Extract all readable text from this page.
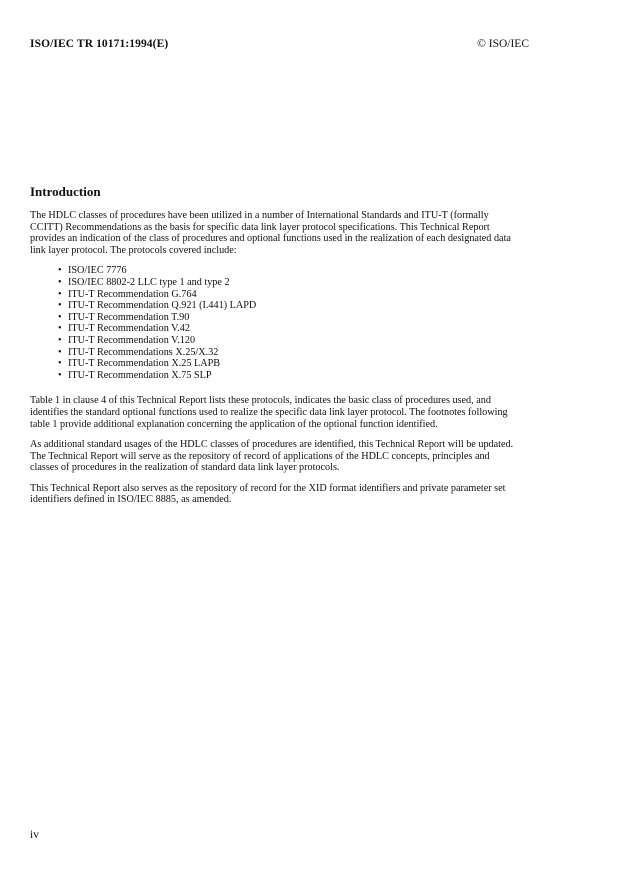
ISO/IEC TR 10171:1994(E)	© ISO/IEC
Introduction

The HDLC classes of procedures have been utilized in a number of International Standards and ITU-T (formally CCITT) Recommendations as the basis for specific data link layer protocol specifications. This Technical Report provides an indication of the class of procedures and optional functions used in the realization of each designated data link layer protocol. The protocols covered include:

• ISO/IEC 7776
• ISO/IEC 8802-2 LLC type 1 and type 2
• ITU-T Recommendation G.764
• ITU-T Recommendation Q.921 (I.441) LAPD
• ITU-T Recommendation T.90
• ITU-T Recommendation V.42
• ITU-T Recommendation V.120
• ITU-T Recommendations X.25/X.32
• ITU-T Recommendation X.25 LAPB
• ITU-T Recommendation X.75 SLP

Table 1 in clause 4 of this Technical Report lists these protocols, indicates the basic class of procedures used, and identifies the standard optional functions used to realize the specific data link layer protocol. The footnotes following table 1 provide additional explanation concerning the application of the optional function identified.

As additional standard usages of the HDLC classes of procedures are identified, this Technical Report will be updated. The Technical Report will serve as the repository of record of applications of the HDLC concepts, principles and classes of procedures in the realization of standard data link layer protocols.

This Technical Report also serves as the repository of record for the XID format identifiers and private parameter set identifiers defined in ISO/IEC 8885, as amended.

iv
